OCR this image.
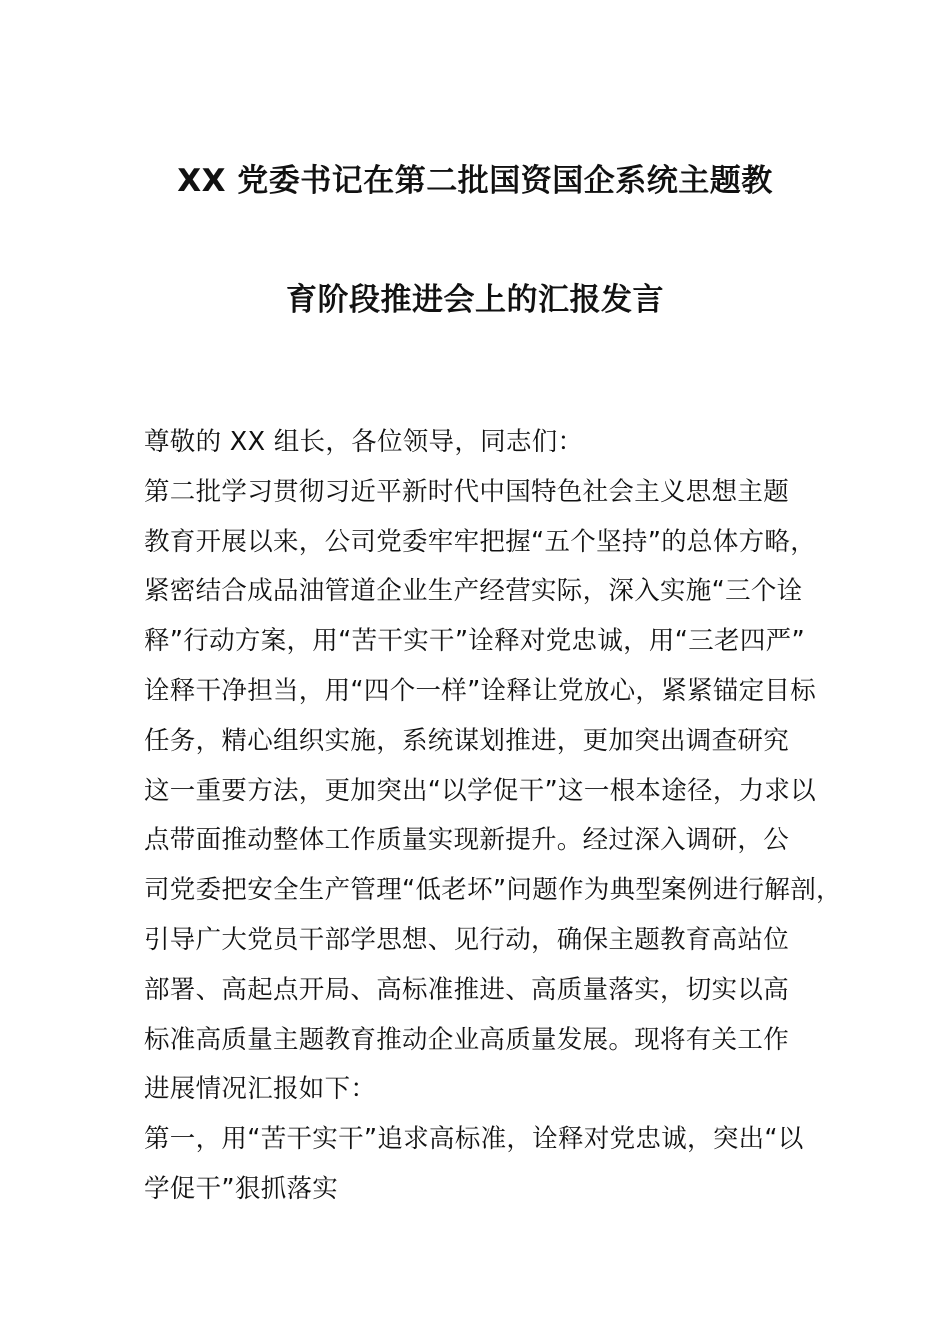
XX 党委书记在第二批国资国企系统主题教
育阶段推进会上的汇报发言
尊敬的 XX 组长，各位领导，同志们：
第二批学习贯彻习近平新时代中国特色社会主义思想主题
教育开展以来，公司党委牢牢把握“五个坚持”的总体方略，
紧密结合成品油管道企业生产经营实际，深入实施“三个诠
释”行动方案，用“苦干实干”诠释对党忠诚，用“三老四严”
诠释干净担当，用“四个一样”诠释让党放心，紧紧锚定目标
任务，精心组织实施，系统谋划推进，更加突出调查研究
这一重要方法，更加突出“以学促干”这一根本途径，力求以
点带面推动整体工作质量实现新提升。经过深入调研，公
司党委把安全生产管理“低老坏”问题作为典型案例进行解剖，
引导广大党员干部学思想、见行动，确保主题教育高站位
部署、高起点开局、高标准推进、高质量落实，切实以高
标准高质量主题教育推动企业高质量发展。现将有关工作
进展情况汇报如下：
第一，用“苦干实干”追求高标准，诠释对党忠诚，突出“以
学促干”狠抓落实
